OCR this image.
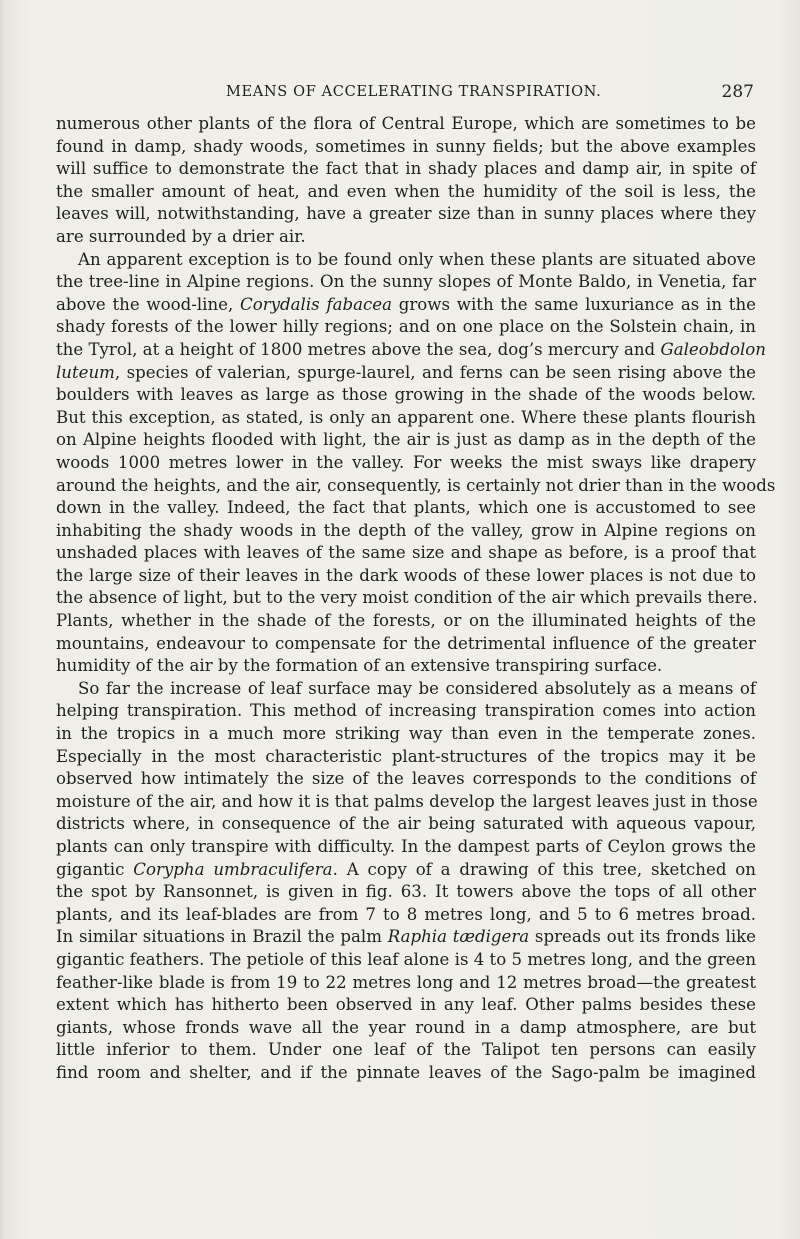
MEANS OF ACCELERATING TRANSPIRATION.	287
numerous other plants of the flora of Central Europe, which are sometimes to be
found in damp, shady woods, sometimes in sunny fields; but the above examples
will suffice to demonstrate the fact that in shady places and damp air, in spite of
the smaller amount of heat, and even when the humidity of the soil is less, the
leaves will, notwithstanding, have a greater size than in sunny places where they
are surrounded by a drier air.
An apparent exception is to be found only when these plants are situated above
the tree-line in Alpine regions. On the sunny slopes of Monte Baldo, in Venetia, far
above the wood-line, Corydalis fabacea grows with the same luxuriance as in the
shady forests of the lower hilly regions; and on one place on the Solstein chain, in
the Tyrol, at a height of 1800 metres above the sea, dog’s mercury and Galeobdolon
luteum, species of valerian, spurge-laurel, and ferns can be seen rising above the
boulders with leaves as large as those growing in the shade of the woods below.
But this exception, as stated, is only an apparent one. Where these plants flourish
on Alpine heights flooded with light, the air is just as damp as in the depth of the
woods 1000 metres lower in the valley. For weeks the mist sways like drapery
around the heights, and the air, consequently, is certainly not drier than in the woods
down in the valley. Indeed, the fact that plants, which one is accustomed to see
inhabiting the shady woods in the depth of the valley, grow in Alpine regions on
unshaded places with leaves of the same size and shape as before, is a proof that
the large size of their leaves in the dark woods of these lower places is not due to
the absence of light, but to the very moist condition of the air which prevails there.
Plants, whether in the shade of the forests, or on the illuminated heights of the
mountains, endeavour to compensate for the detrimental influence of the greater
humidity of the air by the formation of an extensive transpiring surface.
So far the increase of leaf surface may be considered absolutely as a means of
helping transpiration. This method of increasing transpiration comes into action
in the tropics in a much more striking way than even in the temperate zones.
Especially in the most characteristic plant-structures of the tropics may it be
observed how intimately the size of the leaves corresponds to the conditions of
moisture of the air, and how it is that palms develop the largest leaves just in those
districts where, in consequence of the air being saturated with aqueous vapour,
plants can only transpire with difficulty. In the dampest parts of Ceylon grows the
gigantic Corypha umbraculifera. A copy of a drawing of this tree, sketched on
the spot by Ransonnet, is given in fig. 63. It towers above the tops of all other
plants, and its leaf-blades are from 7 to 8 metres long, and 5 to 6 metres broad.
In similar situations in Brazil the palm Raphia tædigera spreads out its fronds like
gigantic feathers. The petiole of this leaf alone is 4 to 5 metres long, and the green
feather-like blade is from 19 to 22 metres long and 12 metres broad—the greatest
extent which has hitherto been observed in any leaf. Other palms besides these
giants, whose fronds wave all the year round in a damp atmosphere, are but
little inferior to them. Under one leaf of the Talipot ten persons can easily
find room and shelter, and if the pinnate leaves of the Sago-palm be imagined
